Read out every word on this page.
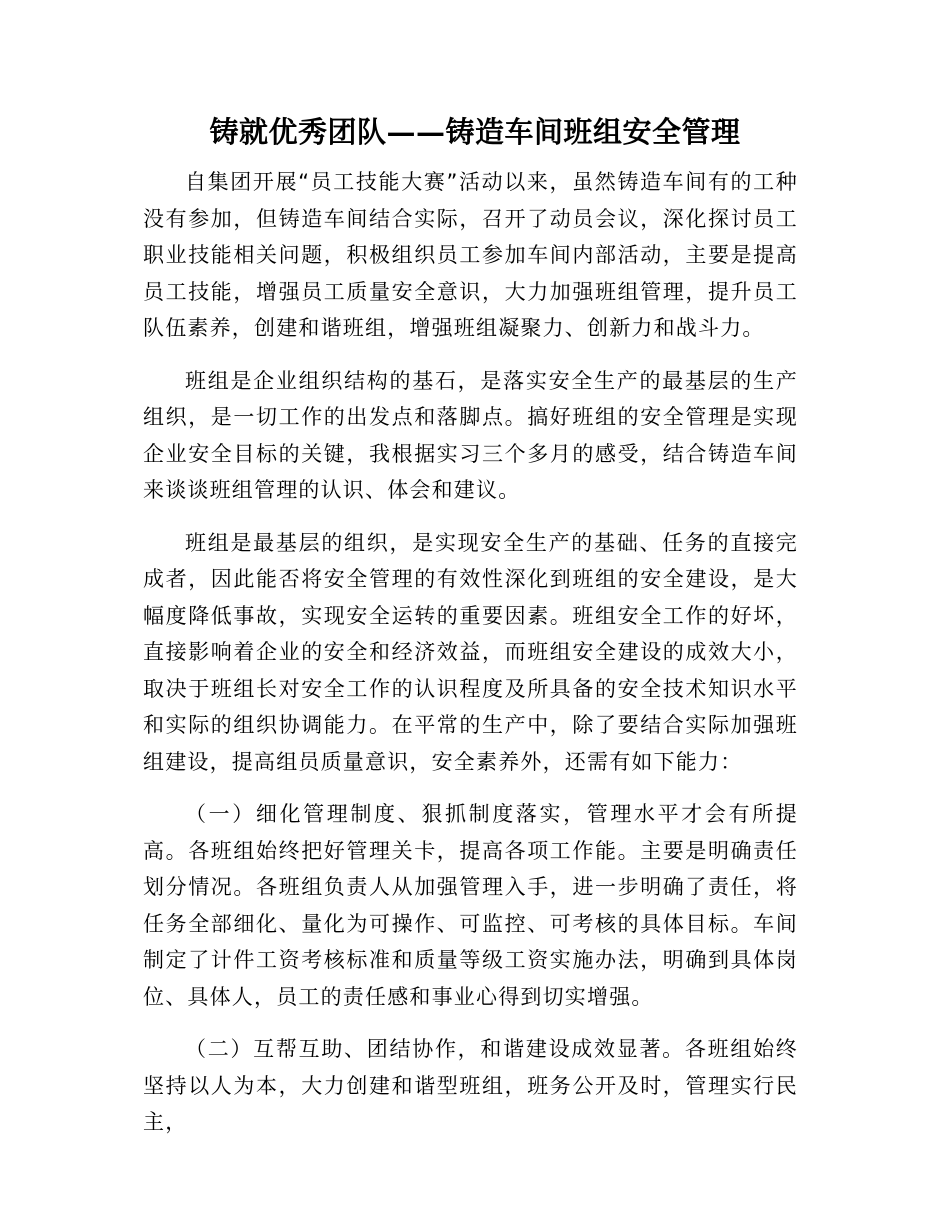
铸就优秀团队——铸造车间班组安全管理

自集团开展“员工技能大赛”活动以来，虽然铸造车间有的工种没有参加，但铸造车间结合实际，召开了动员会议，深化探讨员工职业技能相关问题，积极组织员工参加车间内部活动，主要是提高员工技能，增强员工质量安全意识，大力加强班组管理，提升员工队伍素养，创建和谐班组，增强班组凝聚力、创新力和战斗力。

班组是企业组织结构的基石，是落实安全生产的最基层的生产组织，是一切工作的出发点和落脚点。搞好班组的安全管理是实现企业安全目标的关键，我根据实习三个多月的感受，结合铸造车间来谈谈班组管理的认识、体会和建议。

班组是最基层的组织，是实现安全生产的基础、任务的直接完成者，因此能否将安全管理的有效性深化到班组的安全建设，是大幅度降低事故，实现安全运转的重要因素。班组安全工作的好坏，直接影响着企业的安全和经济效益，而班组安全建设的成效大小，取决于班组长对安全工作的认识程度及所具备的安全技术知识水平和实际的组织协调能力。在平常的生产中，除了要结合实际加强班组建设，提高组员质量意识，安全素养外，还需有如下能力：

（一）细化管理制度、狠抓制度落实，管理水平才会有所提高。各班组始终把好管理关卡，提高各项工作能。主要是明确责任划分情况。各班组负责人从加强管理入手，进一步明确了责任，将任务全部细化、量化为可操作、可监控、可考核的具体目标。车间制定了计件工资考核标准和质量等级工资实施办法，明确到具体岗位、具体人，员工的责任感和事业心得到切实增强。

（二）互帮互助、团结协作，和谐建设成效显著。各班组始终坚持以人为本，大力创建和谐型班组，班务公开及时，管理实行民主，
